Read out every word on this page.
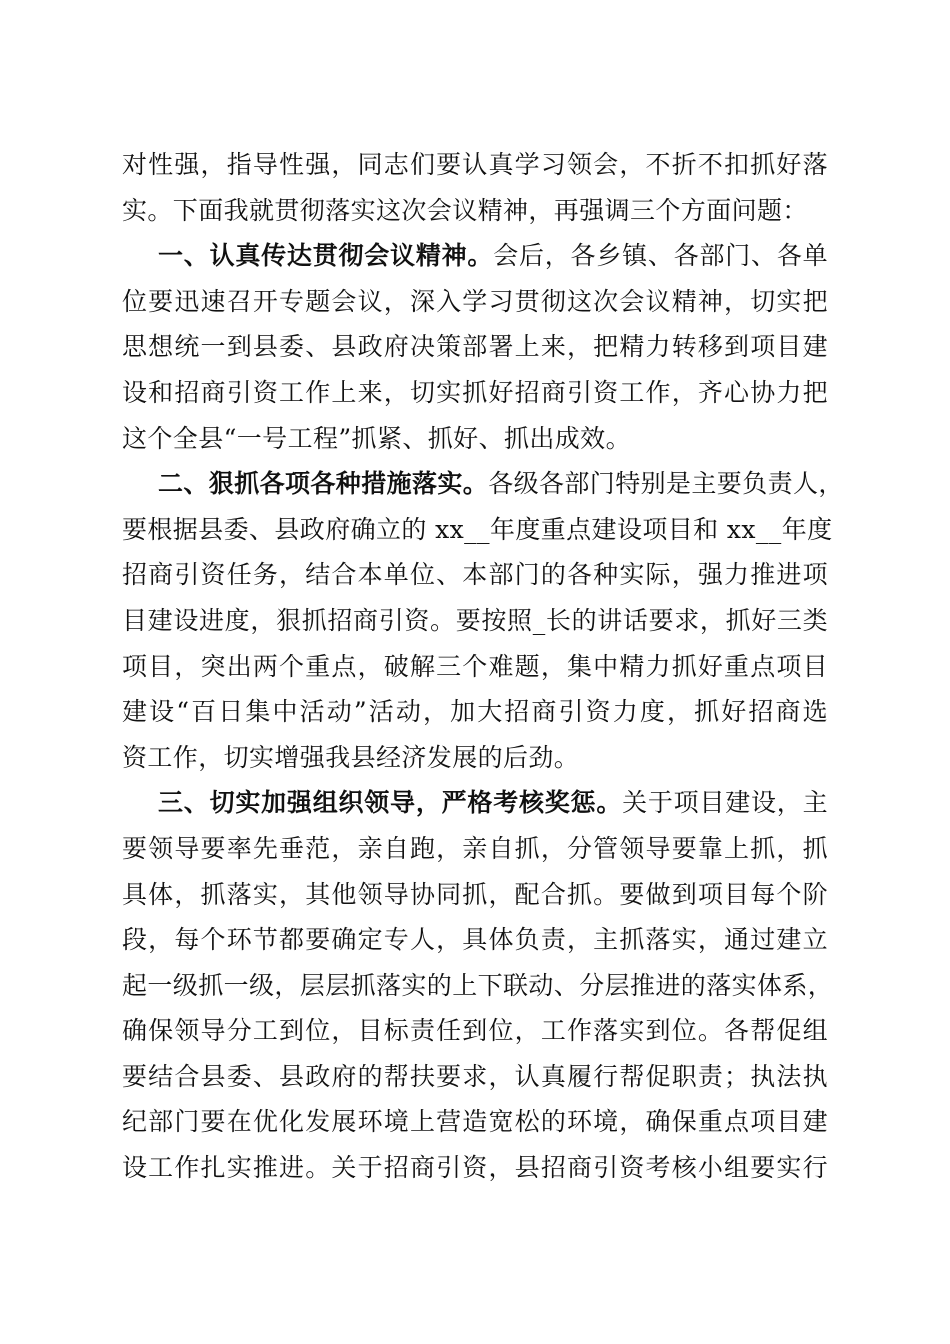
对性强，指导性强，同志们要认真学习领会，不折不扣抓好落
实。下面我就贯彻落实这次会议精神，再强调三个方面问题：
一、认真传达贯彻会议精神。会后，各乡镇、各部门、各单
位要迅速召开专题会议，深入学习贯彻这次会议精神，切实把
思想统一到县委、县政府决策部署上来，把精力转移到项目建
设和招商引资工作上来，切实抓好招商引资工作，齐心协力把
这个全县“一号工程”抓紧、抓好、抓出成效。
二、狠抓各项各种措施落实。各级各部门特别是主要负责人，
要根据县委、县政府确立的 xx__年度重点建设项目和 xx__年度
招商引资任务，结合本单位、本部门的各种实际，强力推进项
目建设进度，狠抓招商引资。要按照_长的讲话要求，抓好三类
项目，突出两个重点，破解三个难题，集中精力抓好重点项目
建设“百日集中活动”活动，加大招商引资力度，抓好招商选
资工作，切实增强我县经济发展的后劲。
三、切实加强组织领导，严格考核奖惩。关于项目建设，主
要领导要率先垂范，亲自跑，亲自抓，分管领导要靠上抓，抓
具体，抓落实，其他领导协同抓，配合抓。要做到项目每个阶
段，每个环节都要确定专人，具体负责，主抓落实，通过建立
起一级抓一级，层层抓落实的上下联动、分层推进的落实体系，
确保领导分工到位，目标责任到位，工作落实到位。各帮促组
要结合县委、县政府的帮扶要求，认真履行帮促职责；执法执
纪部门要在优化发展环境上营造宽松的环境，确保重点项目建
设工作扎实推进。关于招商引资，县招商引资考核小组要实行
